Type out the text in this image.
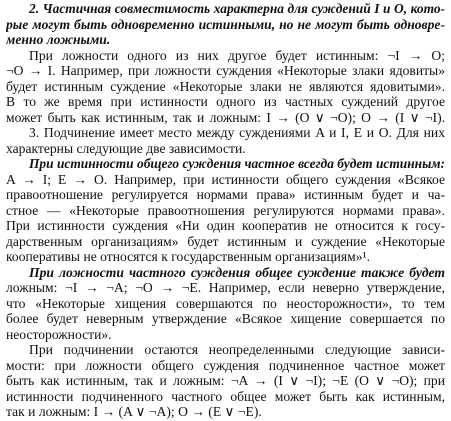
2. Частичная совместимость характерна для суждений I и O, кото-
рые могут быть одновременно истинными, но не могут быть одновре-
менно ложными.
При ложности одного из них другое будет истинным: ¬I → O;
¬O → I. Например, при ложности суждения «Некоторые злаки ядовиты»
будет истинным суждение «Некоторые злаки не являются ядовитыми».
В то же время при истинности одного из частных суждений другое
может быть как истинным, так и ложным: I → (O ∨ ¬O); O → (I ∨ ¬I).
3. Подчинение имеет место между суждениями A и I, E и O. Для них
характерны следующие две зависимости.
При истинности общего суждения частное всегда будет истинным:
A → I; E → O. Например, при истинности общего суждения «Всякое
правоотношение регулируется нормами права» истинным будет и ча-
стное — «Некоторые правоотношения регулируются нормами права».
При истинности суждения «Ни один кооператив не относится к госу-
дарственным организациям» будет истинным и суждение «Некоторые
кооперативы не относятся к государственным организациям»¹.
При ложности частного суждения общее суждение также будет
ложным: ¬I → ¬A; ¬O → ¬E. Например, если неверно утверждение,
что «Некоторые хищения совершаются по неосторожности», то тем
более будет неверным утверждение «Всякое хищение совершается по
неосторожности».
При подчинении остаются неопределенными следующие зависи-
мости: при ложности общего суждения подчиненное частное может
быть как истинным, так и ложным: ¬A → (I ∨ ¬I); ¬E (O ∨ ¬O); при
истинности подчиненного частного общее может быть как истинным,
так и ложным: I → (A ∨ ¬A); O → (E ∨ ¬E).
